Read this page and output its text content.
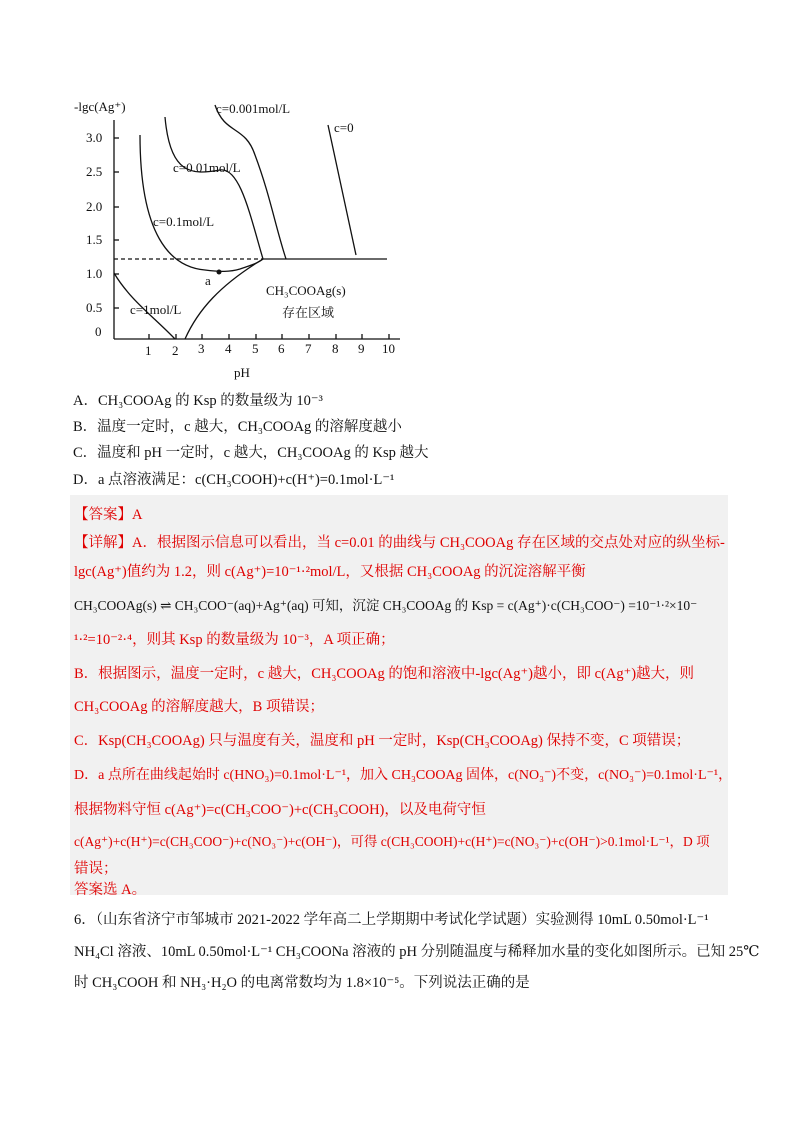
-lgc(Ag⁺)
3.0
2.5
2.0
1.5
1.0
0.5
0
1 2 3 4 5 6 7 8 9 10
pH
c=0.001mol/L
c=0
c=0.01mol/L
c=0.1mol/L
c=1mol/L
a
CH₃COOAg(s)
存在区域
A．CH₃COOAg 的 Ksp 的数量级为 10⁻³
B．温度一定时，c 越大，CH₃COOAg 的溶解度越小
C．温度和 pH 一定时，c 越大，CH₃COOAg 的 Ksp 越大
D．a 点溶液满足：c(CH₃COOH)+c(H⁺)=0.1mol·L⁻¹
【答案】A
【详解】A．根据图示信息可以看出，当 c=0.01 的曲线与 CH₃COOAg 存在区域的交点处对应的纵坐标-
lgc(Ag⁺)值约为 1.2，则 c(Ag⁺)=10⁻¹·²mol/L，又根据 CH₃COOAg 的沉淀溶解平衡
CH₃COOAg(s) ⇌ CH₃COO⁻(aq)+Ag⁺(aq) 可知，沉淀 CH₃COOAg 的 Ksp = c(Ag⁺)·c(CH₃COO⁻) =10⁻¹·²×10⁻
¹·²=10⁻²·⁴，则其 Ksp 的数量级为 10⁻³，A 项正确；
B．根据图示，温度一定时，c 越大，CH₃COOAg 的饱和溶液中-lgc(Ag⁺)越小，即 c(Ag⁺)越大，则
CH₃COOAg 的溶解度越大，B 项错误；
C．Ksp(CH₃COOAg) 只与温度有关，温度和 pH 一定时，Ksp(CH₃COOAg) 保持不变，C 项错误；
D．a 点所在曲线起始时 c(HNO₃)=0.1mol·L⁻¹，加入 CH₃COOAg 固体，c(NO₃⁻)不变，c(NO₃⁻)=0.1mol·L⁻¹，
根据物料守恒 c(Ag⁺)=c(CH₃COO⁻)+c(CH₃COOH)，以及电荷守恒
c(Ag⁺)+c(H⁺)=c(CH₃COO⁻)+c(NO₃⁻)+c(OH⁻)，可得 c(CH₃COOH)+c(H⁺)=c(NO₃⁻)+c(OH⁻)>0.1mol·L⁻¹，D 项
错误；
答案选 A。
6．（山东省济宁市邹城市 2021-2022 学年高二上学期期中考试化学试题）实验测得 10mL 0.50mol·L⁻¹
NH₄Cl 溶液、10mL 0.50mol·L⁻¹ CH₃COONa 溶液的 pH 分别随温度与稀释加水量的变化如图所示。已知 25℃
时 CH₃COOH 和 NH₃·H₂O 的电离常数均为 1.8×10⁻⁵。下列说法正确的是
